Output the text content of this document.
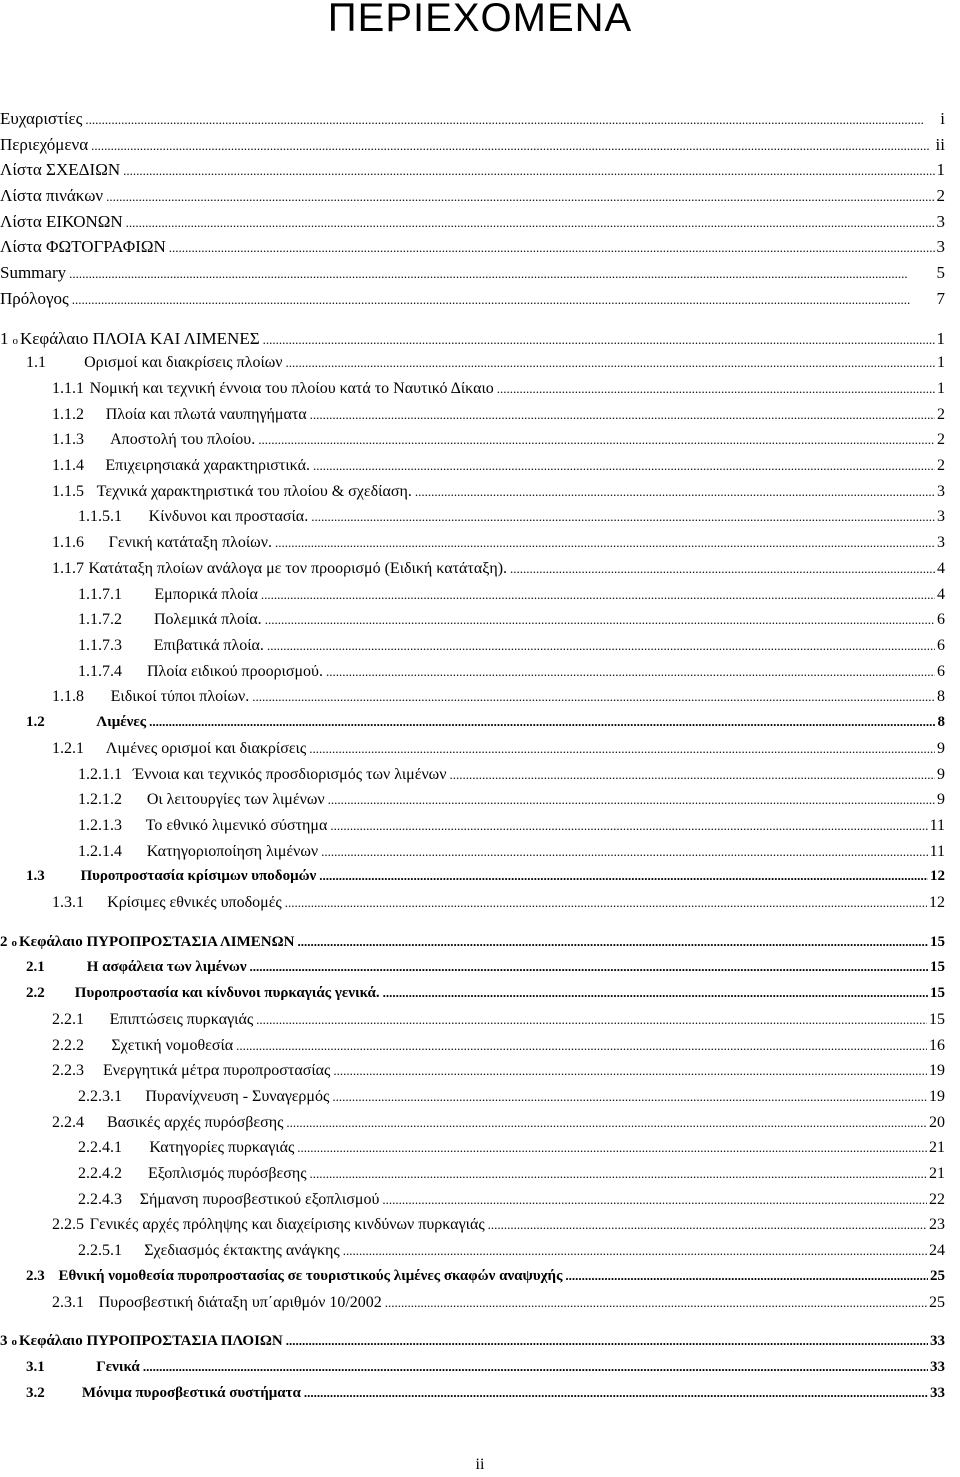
ΠΕΡΙΕΧΟΜΕΝΑ
Ευχαριστίες .....	i
Περιεχόμενα .....	ii
Λίστα ΣΧΕΔΙΩΝ .....	1
Λίστα πινάκων .....	2
Λίστα ΕΙΚΟΝΩΝ .....	3
Λίστα ΦΩΤΟΓΡΑΦΙΩΝ .....	3
Summary .....	5
Πρόλογος .....	7
1 ο Κεφάλαιο ΠΛΟΙΑ ΚΑΙ ΛΙΜΕΝΕΣ .....	1
1.1	Ορισμοί και διακρίσεις πλοίων .....	1
1.1.1 Νομική και τεχνική έννοια του πλοίου κατά το Ναυτικό Δίκαιο .....	1
1.1.2	Πλοία και πλωτά ναυπηγήματα .....	2
1.1.3	Αποστολή του πλοίου. .....	2
1.1.4	Επιχειρησιακά χαρακτηριστικά. .....	2
1.1.5 Τεχνικά χαρακτηριστικά του πλοίου & σχεδίαση. .....	3
1.1.5.1	Κίνδυνοι και προστασία. .....	3
1.1.6	Γενική κατάταξη πλοίων. .....	3
1.1.7 Κατάταξη πλοίων ανάλογα με τον προορισμό (Ειδική κατάταξη). .....	4
1.1.7.1	Εμπορικά πλοία .....	4
1.1.7.2	Πολεμικά πλοία. .....	6
1.1.7.3	Επιβατικά πλοία. .....	6
1.1.7.4	Πλοία ειδικού προορισμού. .....	6
1.1.8	Ειδικοί τύποι πλοίων. .....	8
1.2	Λιμένες .....	8
1.2.1	Λιμένες ορισμοί και διακρίσεις .....	9
1.2.1.1 Έννοια και τεχνικός προσδιορισμός των λιμένων .....	9
1.2.1.2	Οι λειτουργίες των λιμένων .....	9
1.2.1.3	Το εθνικό λιμενικό σύστημα .....	11
1.2.1.4	Κατηγοριοποίηση λιμένων .....	11
1.3	Πυροπροστασία κρίσιμων υποδομών .....	12
1.3.1	Κρίσιμες εθνικές υποδομές .....	12
2 ο Κεφάλαιο ΠΥΡΟΠΡΟΣΤΑΣΙΑ ΛΙΜΕΝΩΝ .....	15
2.1	Η ασφάλεια των λιμένων .....	15
2.2	Πυροπροστασία και κίνδυνοι πυρκαγιάς γενικά. .....	15
2.2.1	Επιπτώσεις πυρκαγιάς .....	15
2.2.2	Σχετική νομοθεσία .....	16
2.2.3	Ενεργητικά μέτρα πυροπροστασίας .....	19
2.2.3.1	Πυρανίχνευση - Συναγερμός .....	19
2.2.4	Βασικές αρχές πυρόσβεσης .....	20
2.2.4.1	Κατηγορίες πυρκαγιάς .....	21
2.2.4.2	Εξοπλισμός πυρόσβεσης .....	21
2.2.4.3	Σήμανση πυροσβεστικού εξοπλισμού .....	22
2.2.5 Γενικές αρχές πρόληψης και διαχείρισης κινδύνων πυρκαγιάς .....	23
2.2.5.1	Σχεδιασμός έκτακτης ανάγκης .....	24
2.3 Εθνική νομοθεσία πυροπροστασίας σε τουριστικούς λιμένες σκαφών αναψυχής .....	25
2.3.1 Πυροσβεστική διάταξη υπ΄αριθμόν 10/2002 .....	25
3 ο Κεφάλαιο ΠΥΡΟΠΡΟΣΤΑΣΙΑ ΠΛΟΙΩΝ .....	33
3.1	Γενικά .....	33
3.2	Μόνιμα πυροσβεστικά συστήματα .....	33
ii
